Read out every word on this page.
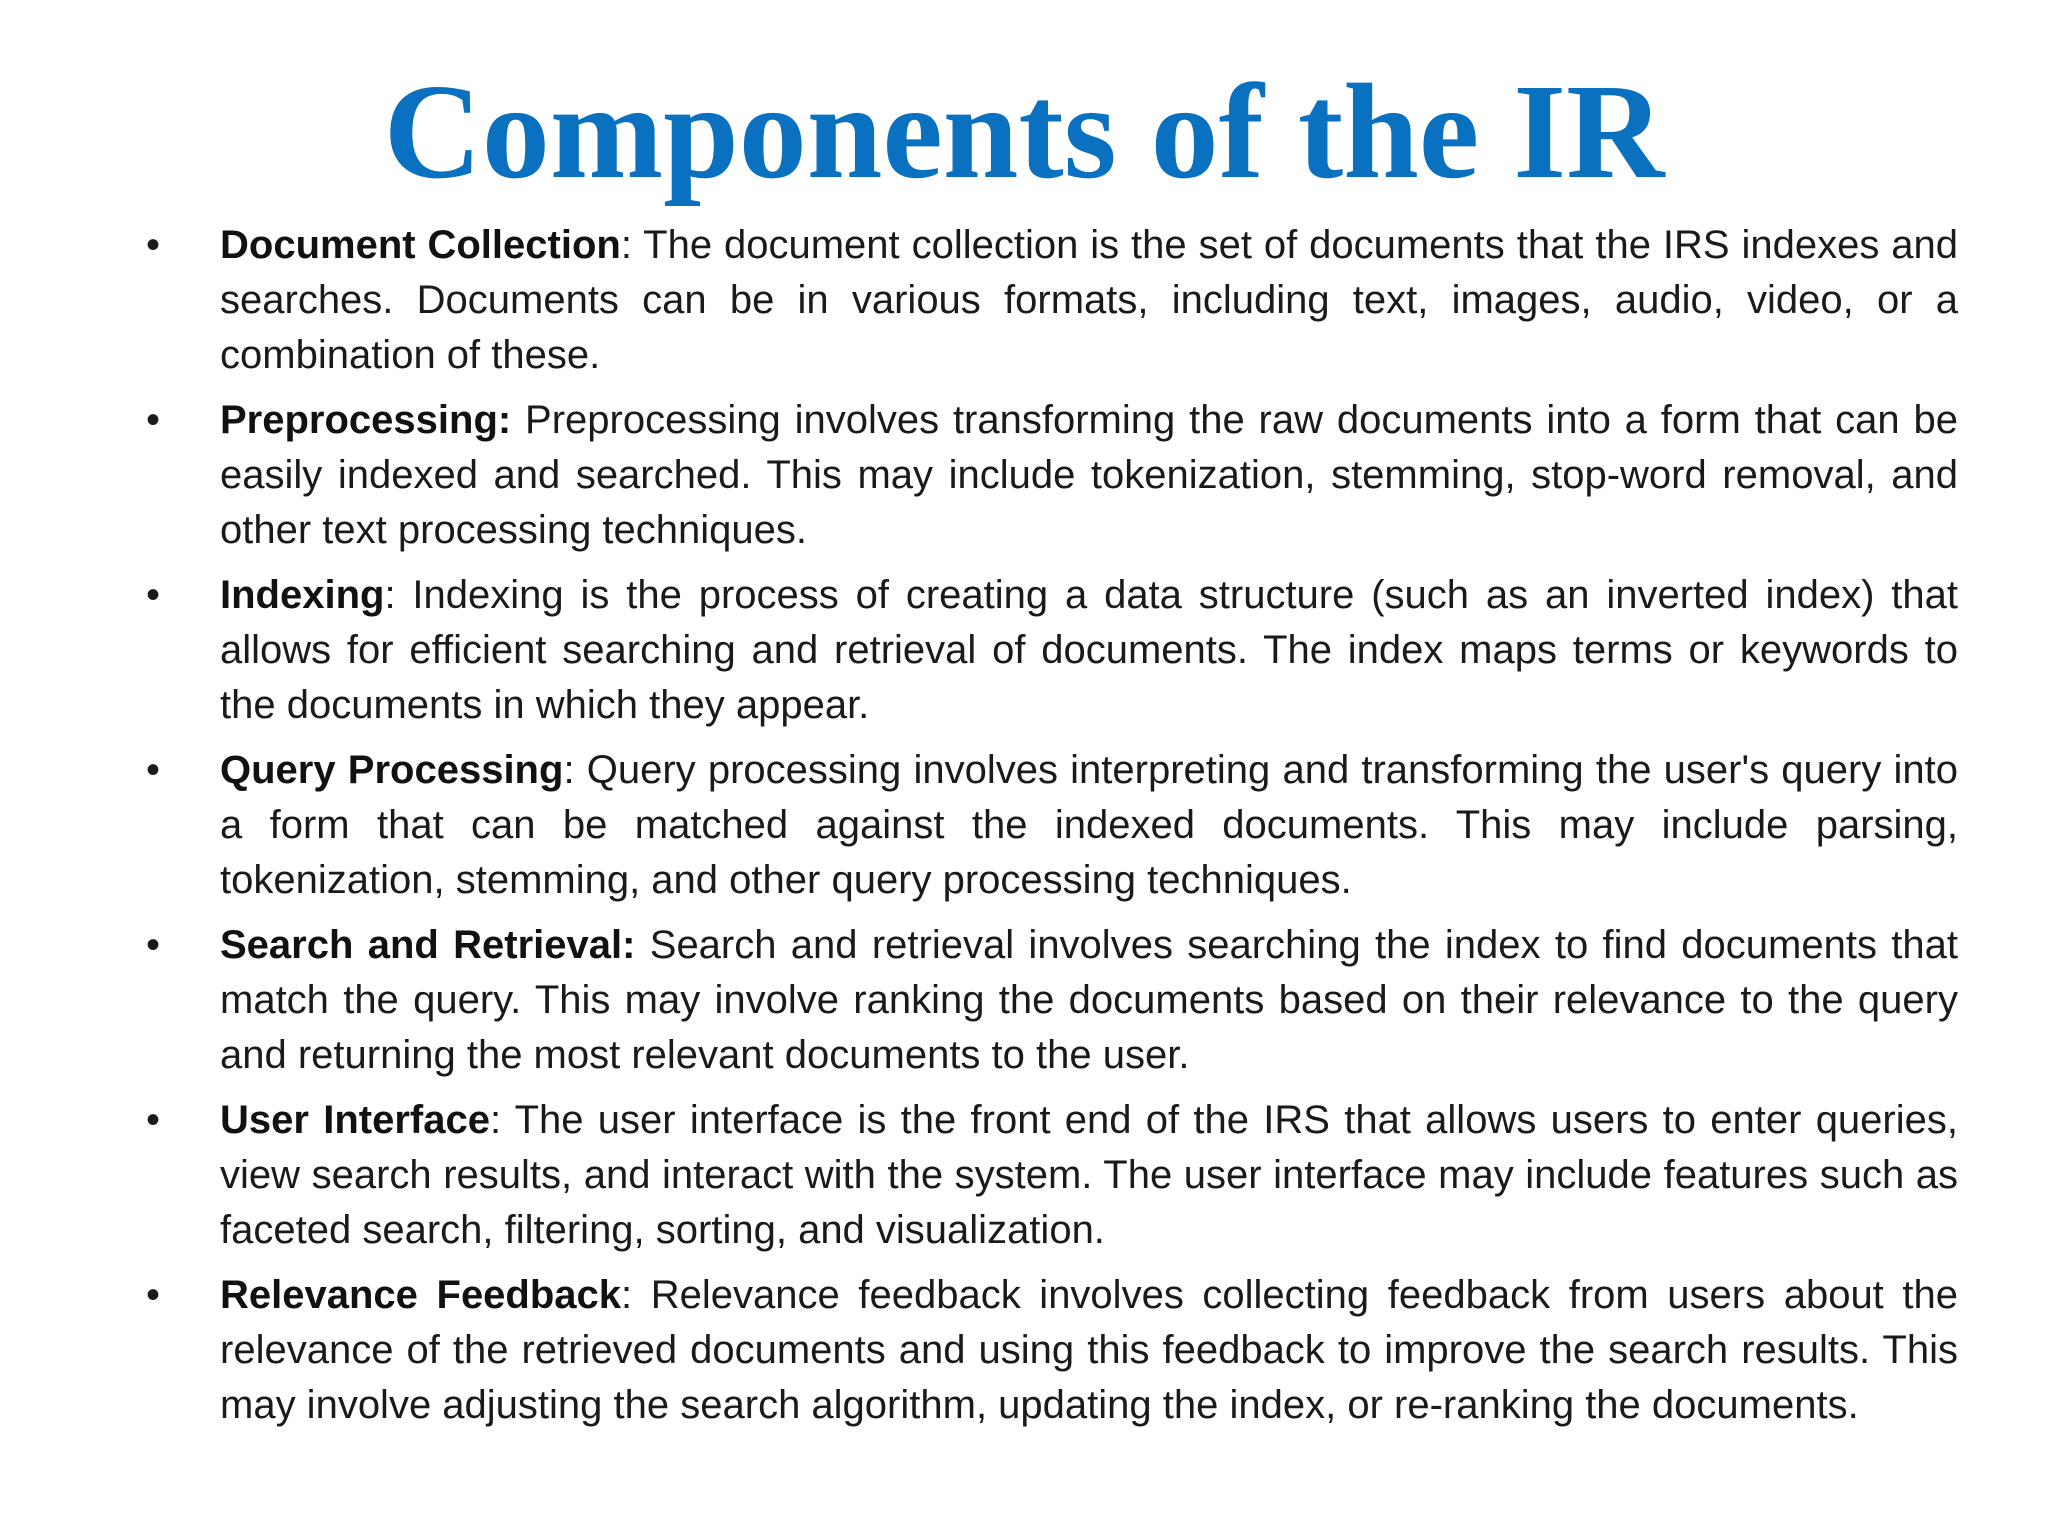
Components of the IR
• Document Collection: The document collection is the set of documents that the IRS indexes and searches. Documents can be in various formats, including text, images, audio, video, or a combination of these.
• Preprocessing: Preprocessing involves transforming the raw documents into a form that can be easily indexed and searched. This may include tokenization, stemming, stop-word removal, and other text processing techniques.
• Indexing: Indexing is the process of creating a data structure (such as an inverted index) that allows for efficient searching and retrieval of documents. The index maps terms or keywords to the documents in which they appear.
• Query Processing: Query processing involves interpreting and transforming the user's query into a form that can be matched against the indexed documents. This may include parsing, tokenization, stemming, and other query processing techniques.
• Search and Retrieval: Search and retrieval involves searching the index to find documents that match the query. This may involve ranking the documents based on their relevance to the query and returning the most relevant documents to the user.
• User Interface: The user interface is the front end of the IRS that allows users to enter queries, view search results, and interact with the system. The user interface may include features such as faceted search, filtering, sorting, and visualization.
• Relevance Feedback: Relevance feedback involves collecting feedback from users about the relevance of the retrieved documents and using this feedback to improve the search results. This may involve adjusting the search algorithm, updating the index, or re-ranking the documents.
